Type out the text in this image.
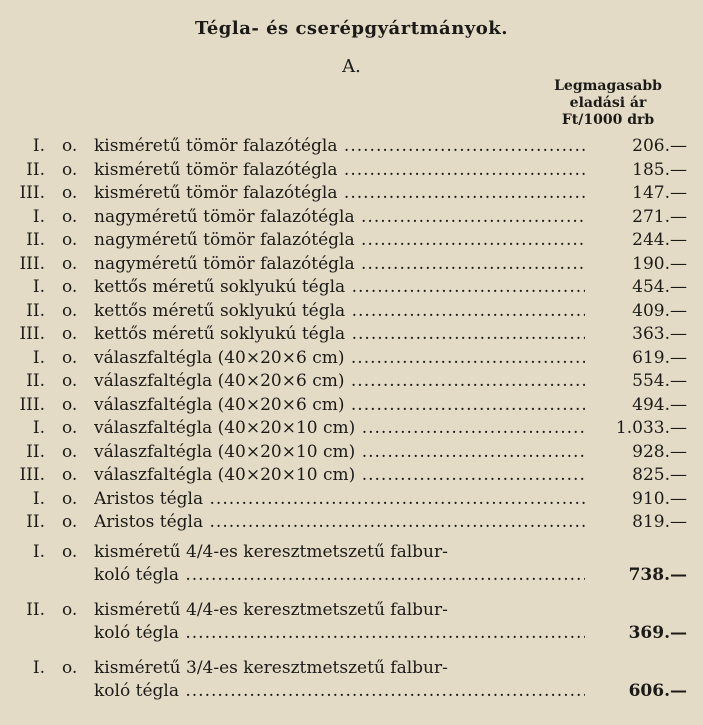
Tégla- és cserépgyártmányok.
A.
Legmagasabb
eladási ár
Ft/1000 drb
I. o. kisméretű tömör falazótégla .....	206.—
II. o. kisméretű tömör falazótégla .....	185.—
III. o. kisméretű tömör falazótégla .....	147.—
I. o. nagyméretű tömör falazótégla .....	271.—
II. o. nagyméretű tömör falazótégla .....	244.—
III. o. nagyméretű tömör falazótégla .....	190.—
I. o. kettős méretű soklyukú tégla .....	454.—
II. o. kettős méretű soklyukú tégla .....	409.—
III. o. kettős méretű soklyukú tégla .....	363.—
I. o. válaszfaltégla (40×20×6 cm) .....	619.—
II. o. válaszfaltégla (40×20×6 cm) .....	554.—
III. o. válaszfaltégla (40×20×6 cm) .....	494.—
I. o. válaszfaltégla (40×20×10 cm) .....	1.033.—
II. o. válaszfaltégla (40×20×10 cm) .....	928.—
III. o. válaszfaltégla (40×20×10 cm) .....	825.—
I. o. Aristos tégla .....	910.—
II. o. Aristos tégla .....	819.—
I. o. kisméretű 4/4-es keresztmetszetű falbur-
koló tégla .....	738.—
II. o. kisméretű 4/4-es keresztmetszetű falbur-
koló tégla .....	369.—
I. o. kisméretű 3/4-es keresztmetszetű falbur-
koló tégla .....	606.—
